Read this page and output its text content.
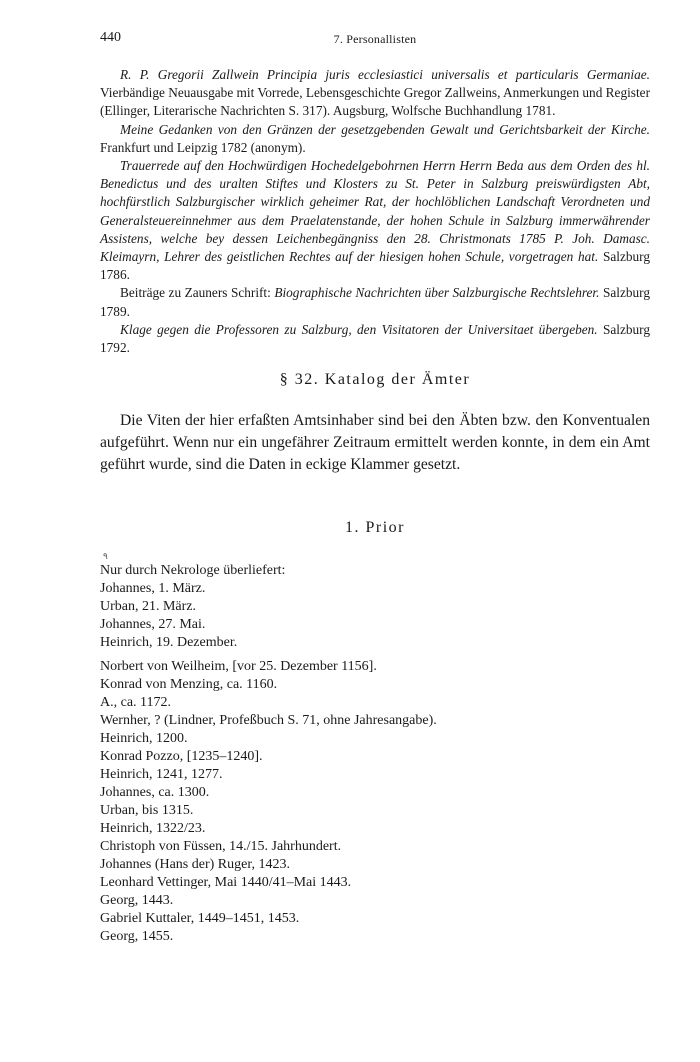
440	7. Personallisten

R. P. Gregorii Zallwein Principia juris ecclesiastici universalis et particularis Germaniae. Vierbändige Neuausgabe mit Vorrede, Lebensgeschichte Gregor Zallweins, Anmerkungen und Register (Ellinger, Literarische Nachrichten S. 317). Augsburg, Wolfsche Buchhandlung 1781.

Meine Gedanken von den Gränzen der gesetzgebenden Gewalt und Gerichtsbarkeit der Kirche. Frankfurt und Leipzig 1782 (anonym).

Trauerrede auf den Hochwürdigen Hochedelgebohrnen Herrn Herrn Beda aus dem Orden des hl. Benedictus und des uralten Stiftes und Klosters zu St. Peter in Salzburg preiswürdigsten Abt, hochfürstlich Salzburgischer wirklich geheimer Rat, der hochlöblichen Landschaft Verordneten und Generalsteuereinnehmer aus dem Praelatenstande, der hohen Schule in Salzburg immerwährender Assistens, welche bey dessen Leichenbegängniss den 28. Christmonats 1785 P. Joh. Damasc. Kleimayrn, Lehrer des geistlichen Rechtes auf der hiesigen hohen Schule, vorgetragen hat. Salzburg 1786.

Beiträge zu Zauners Schrift: Biographische Nachrichten über Salzburgische Rechtslehrer. Salzburg 1789.

Klage gegen die Professoren zu Salzburg, den Visitatoren der Universitaet übergeben. Salzburg 1792.

§ 32. Katalog der Ämter

Die Viten der hier erfaßten Amtsinhaber sind bei den Äbten bzw. den Konventualen aufgeführt. Wenn nur ein ungefährer Zeitraum ermittelt werden konnte, in dem ein Amt geführt wurde, sind die Daten in eckige Klammer gesetzt.

1. Prior
٩
Nur durch Nekrologe überliefert:
Johannes, 1. März.
Urban, 21. März.
Johannes, 27. Mai.
Heinrich, 19. Dezember.
Norbert von Weilheim, [vor 25. Dezember 1156].
Konrad von Menzing, ca. 1160.
A., ca. 1172.
Wernher, ? (Lindner, Profeßbuch S. 71, ohne Jahresangabe).
Heinrich, 1200.
Konrad Pozzo, [1235–1240].
Heinrich, 1241, 1277.
Johannes, ca. 1300.
Urban, bis 1315.
Heinrich, 1322/23.
Christoph von Füssen, 14./15. Jahrhundert.
Johannes (Hans der) Ruger, 1423.
Leonhard Vettinger, Mai 1440/41–Mai 1443.
Georg, 1443.
Gabriel Kuttaler, 1449–1451, 1453.
Georg, 1455.
